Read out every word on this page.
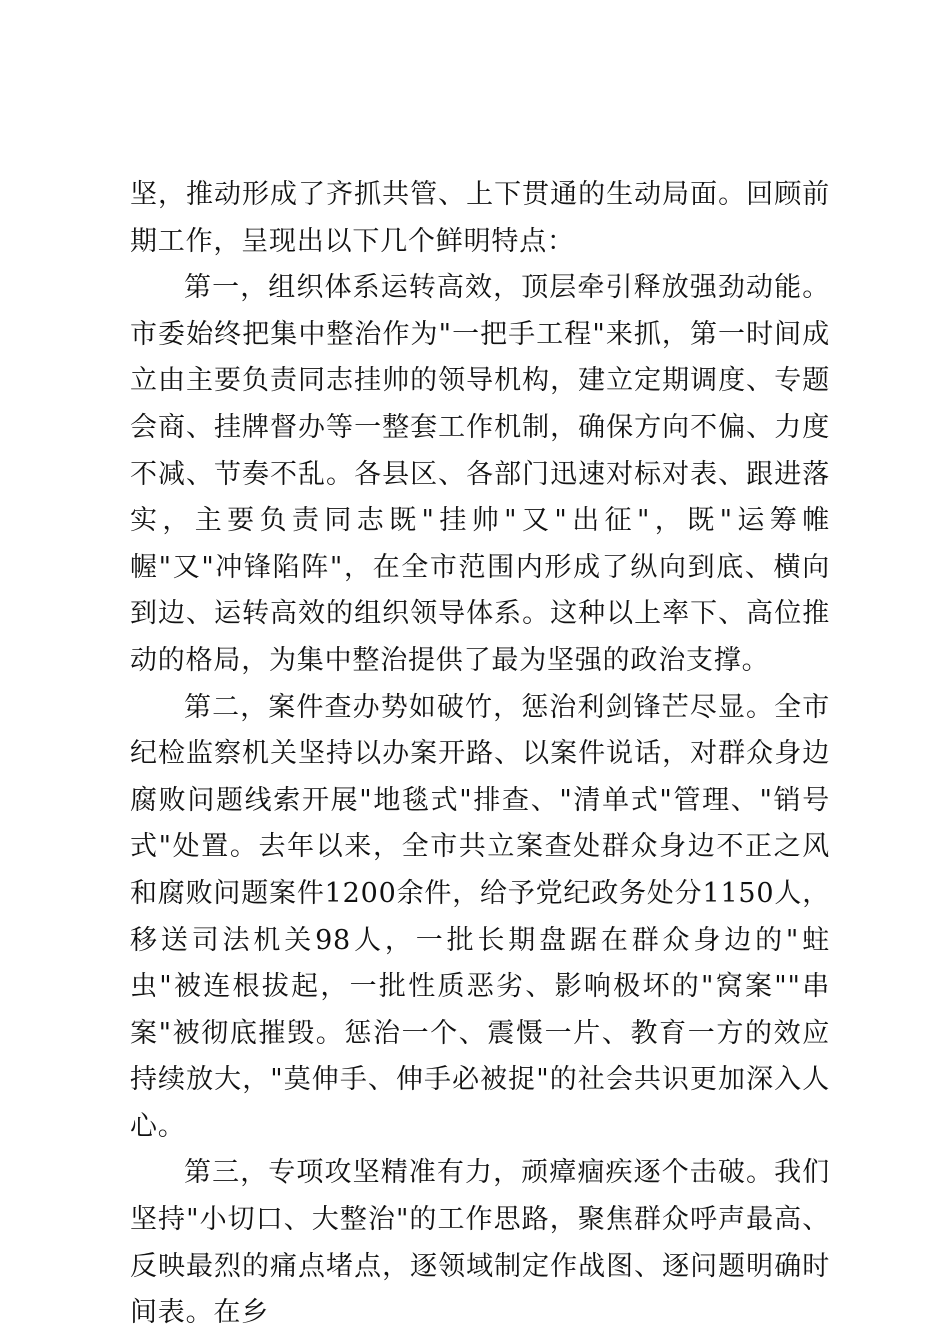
坚，推动形成了齐抓共管、上下贯通的生动局面。回顾前期工作，呈现出以下几个鲜明特点：

第一，组织体系运转高效，顶层牵引释放强劲动能。市委始终把集中整治作为"一把手工程"来抓，第一时间成立由主要负责同志挂帅的领导机构，建立定期调度、专题会商、挂牌督办等一整套工作机制，确保方向不偏、力度不减、节奏不乱。各县区、各部门迅速对标对表、跟进落实，主要负责同志既"挂帅"又"出征"，既"运筹帷幄"又"冲锋陷阵"，在全市范围内形成了纵向到底、横向到边、运转高效的组织领导体系。这种以上率下、高位推动的格局，为集中整治提供了最为坚强的政治支撑。

第二，案件查办势如破竹，惩治利剑锋芒尽显。全市纪检监察机关坚持以办案开路、以案件说话，对群众身边腐败问题线索开展"地毯式"排查、"清单式"管理、"销号式"处置。去年以来，全市共立案查处群众身边不正之风和腐败问题案件1200余件，给予党纪政务处分1150人，移送司法机关98人，一批长期盘踞在群众身边的"蛀虫"被连根拔起，一批性质恶劣、影响极坏的"窝案""串案"被彻底摧毁。惩治一个、震慑一片、教育一方的效应持续放大，"莫伸手、伸手必被捉"的社会共识更加深入人心。

第三，专项攻坚精准有力，顽瘴痼疾逐个击破。我们坚持"小切口、大整治"的工作思路，聚焦群众呼声最高、反映最烈的痛点堵点，逐领域制定作战图、逐问题明确时间表。在乡
